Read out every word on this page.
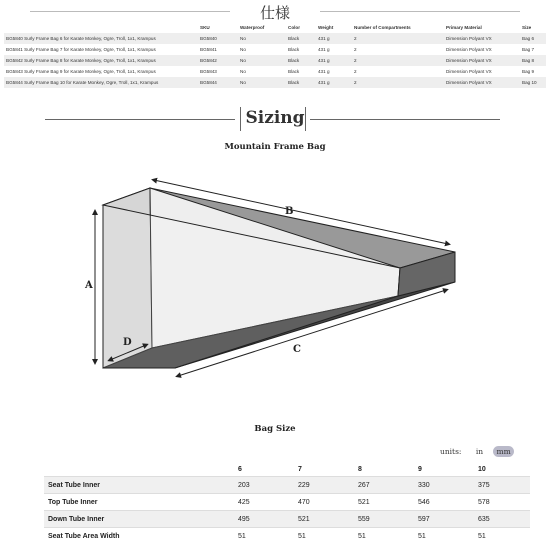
仕様
	SKU	Waterproof	Color	Weight	Number of Compartments	Primary Material	Size
BG5840 Surly Frame Bag 6 for Karate Monkey, Ogre, Troll, 1x1, Krampus	BG5840	No	Black	431 g	2	Dimension Polyant VX	Bag 6
BG5841 Surly Frame Bag 7 for Karate Monkey, Ogre, Troll, 1x1, Krampus	BG5841	No	Black	431 g	2	Dimension Polyant VX	Bag 7
BG5842 Surly Frame Bag 8 for Karate Monkey, Ogre, Troll, 1x1, Krampus	BG5842	No	Black	431 g	2	Dimension Polyant VX	Bag 8
BG5843 Surly Frame Bag 9 for Karate Monkey, Ogre, Troll, 1x1, Krampus	BG5843	No	Black	431 g	2	Dimension Polyant VX	Bag 9
BG5844 Surly Frame Bag 10 for Karate Monkey, Ogre, Troll, 1x1, Krampus	BG5844	No	Black	431 g	2	Dimension Polyant VX	Bag 10
Sizing
Mountain Frame Bag
A
B
C
D
Bag Size
units: in mm
	6	7	8	9	10
Seat Tube Inner	203	229	267	330	375
Top Tube Inner	425	470	521	546	578
Down Tube Inner	495	521	559	597	635
Seat Tube Area Width	51	51	51	51	51
